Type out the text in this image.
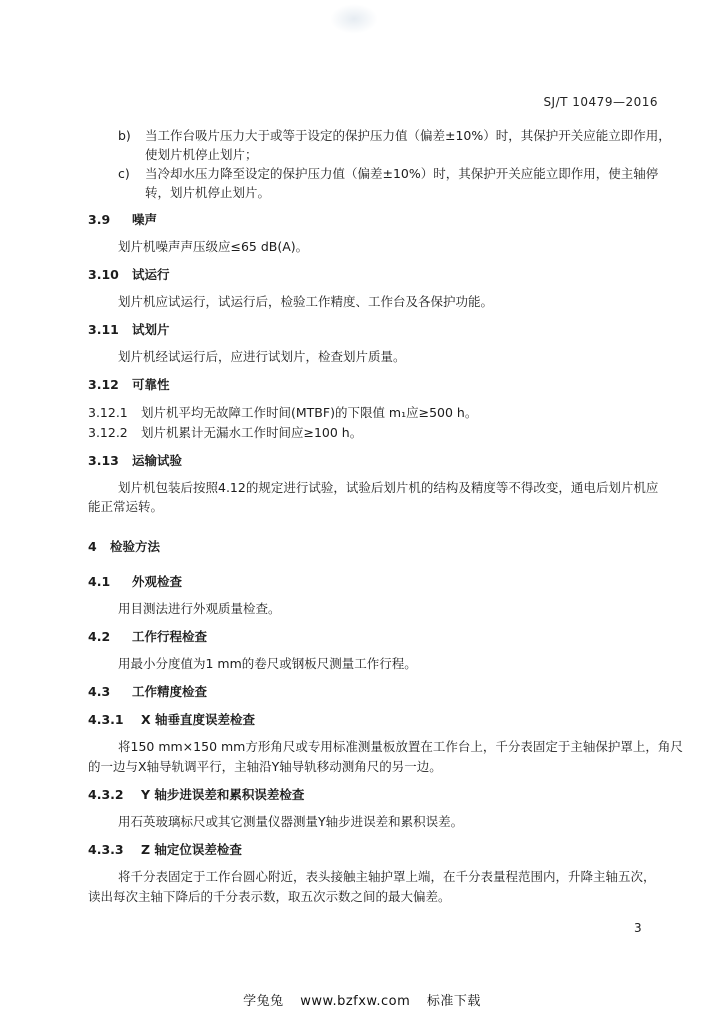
SJ/T 10479—2016
b) 当工作台吸片压力大于或等于设定的保护压力值（偏差±10%）时，其保护开关应能立即作用，
使划片机停止划片；
c) 当冷却水压力降至设定的保护压力值（偏差±10%）时，其保护开关应能立即作用，使主轴停
转，划片机停止划片。
3.9 噪声
划片机噪声声压级应≤65 dB(A)。
3.10 试运行
划片机应试运行，试运行后，检验工作精度、工作台及各保护功能。
3.11 试划片
划片机经试运行后，应进行试划片，检查划片质量。
3.12 可靠性
3.12.1 划片机平均无故障工作时间(MTBF)的下限值 m₁应≥500 h。
3.12.2 划片机累计无漏水工作时间应≥100 h。
3.13 运输试验
划片机包装后按照4.12的规定进行试验，试验后划片机的结构及精度等不得改变，通电后划片机应
能正常运转。
4 检验方法
4.1 外观检查
用目测法进行外观质量检查。
4.2 工作行程检查
用最小分度值为1 mm的卷尺或钢板尺测量工作行程。
4.3 工作精度检查
4.3.1 X 轴垂直度误差检查
将150 mm×150 mm方形角尺或专用标准测量板放置在工作台上，千分表固定于主轴保护罩上，角尺
的一边与X轴导轨调平行，主轴沿Y轴导轨移动测角尺的另一边。
4.3.2 Y 轴步进误差和累积误差检查
用石英玻璃标尺或其它测量仪器测量Y轴步进误差和累积误差。
4.3.3 Z 轴定位误差检查
将千分表固定于工作台圆心附近，表头接触主轴护罩上端，在千分表量程范围内，升降主轴五次，
读出每次主轴下降后的千分表示数，取五次示数之间的最大偏差。
3
学兔兔 www.bzfxw.com 标准下载
